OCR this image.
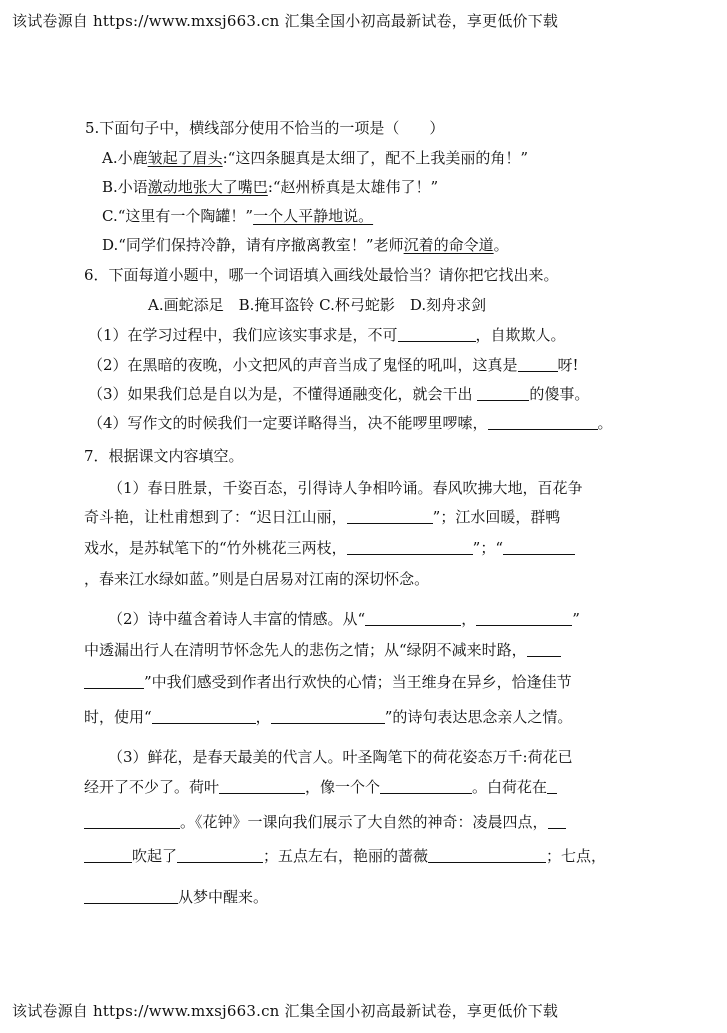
该试卷源自 https://www.mxsj663.cn 汇集全国小初高最新试卷，享更低价下载
5.下面句子中，横线部分使用不恰当的一项是（　　）
A.小鹿皱起了眉头:“这四条腿真是太细了，配不上我美丽的角！”
B.小语激动地张大了嘴巴:“赵州桥真是太雄伟了！”
C.“这里有一个陶罐！”一个人平静地说。
D.“同学们保持冷静，请有序撤离教室！”老师沉着的命令道。
6．下面每道小题中，哪一个词语填入画线处最恰当？请你把它找出来。
A.画蛇添足　B.掩耳盗铃 C.杯弓蛇影　D.刻舟求剑
（1）在学习过程中，我们应该实事求是，不可	，自欺欺人。
（2）在黑暗的夜晚，小文把风的声音当成了鬼怪的吼叫，这真是	呀!
（3）如果我们总是自以为是，不懂得通融变化，就会干出	的傻事。
（4）写作文的时候我们一定要详略得当，决不能啰里啰嗦，	。
7．根据课文内容填空。
（1）春日胜景，千姿百态，引得诗人争相吟诵。春风吹拂大地，百花争
奇斗艳，让杜甫想到了：“迟日江山丽，	”；江水回暖，群鸭
戏水，是苏轼笔下的“竹外桃花三两枝，	”；“
，春来江水绿如蓝。”则是白居易对江南的深切怀念。
（2）诗中蕴含着诗人丰富的情感。从“	，	”
中透漏出行人在清明节怀念先人的悲伤之情；从“绿阴不减来时路，
”中我们感受到作者出行欢快的心情；当王维身在异乡，恰逢佳节
时，使用“	，	”的诗句表达思念亲人之情。
（3）鲜花，是春天最美的代言人。叶圣陶笔下的荷花姿态万千:荷花已
经开了不少了。荷叶	，像一个个	。白荷花在
。《花钟》一课向我们展示了大自然的神奇：凌晨四点，
吹起了	；五点左右，艳丽的蔷薇	；七点，
从梦中醒来。
该试卷源自 https://www.mxsj663.cn 汇集全国小初高最新试卷，享更低价下载
